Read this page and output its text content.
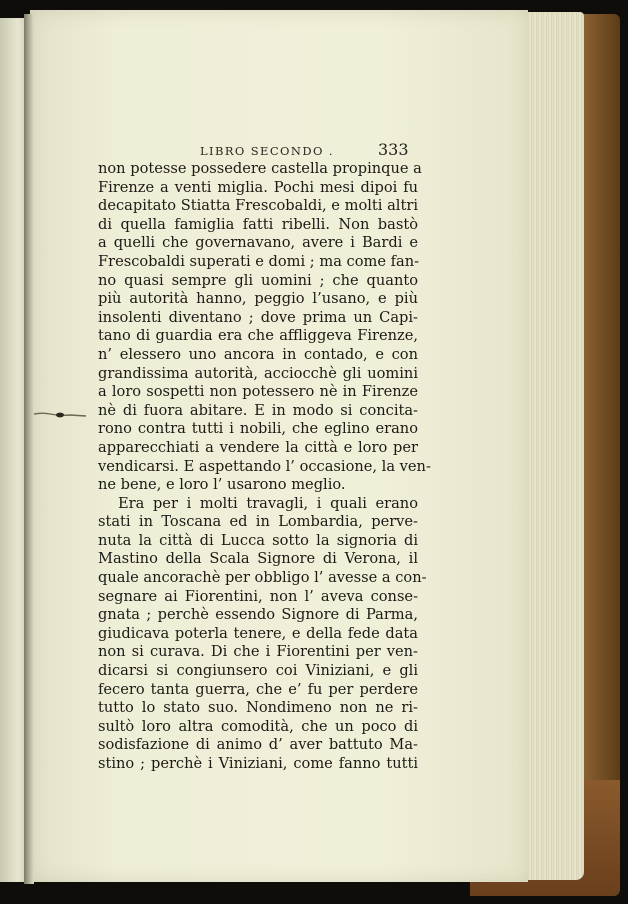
LIBRO SECONDO .	333
non potesse possedere castella propinque a
Firenze a venti miglia. Pochi mesi dipoi fu
decapitato Stiatta Frescobaldi, e molti altri
di quella famiglia fatti ribelli. Non bastò
a quelli che governavano, avere i Bardi e
Frescobaldi superati e domi ; ma come fan-
no quasi sempre gli uomini ; che quanto
più autorità hanno, peggio l’usano, e più
insolenti diventano ; dove prima un Capi-
tano di guardia era che affliggeva Firenze,
n’ elessero uno ancora in contado, e con
grandissima autorità, acciocchè gli uomini
a loro sospetti non potessero nè in Firenze
nè di fuora abitare. E in modo si concita-
rono contra tutti i nobili, che eglino erano
apparecchiati a vendere la città e loro per
vendicarsi. E aspettando l’ occasione, la ven-
ne bene, e loro l’ usarono meglio.
Era per i molti travagli, i quali erano
stati in Toscana ed in Lombardia, perve-
nuta la città di Lucca sotto la signoria di
Mastino della Scala Signore di Verona, il
quale ancorachè per obbligo l’ avesse a con-
segnare ai Fiorentini, non l’ aveva conse-
gnata ; perchè essendo Signore di Parma,
giudicava poterla tenere, e della fede data
non si curava. Di che i Fiorentini per ven-
dicarsi si congiunsero coi Viniziani, e gli
fecero tanta guerra, che e’ fu per perdere
tutto lo stato suo. Nondimeno non ne ri-
sultò loro altra comodità, che un poco di
sodisfazione di animo d’ aver battuto Ma-
stino ; perchè i Viniziani, come fanno tutti
